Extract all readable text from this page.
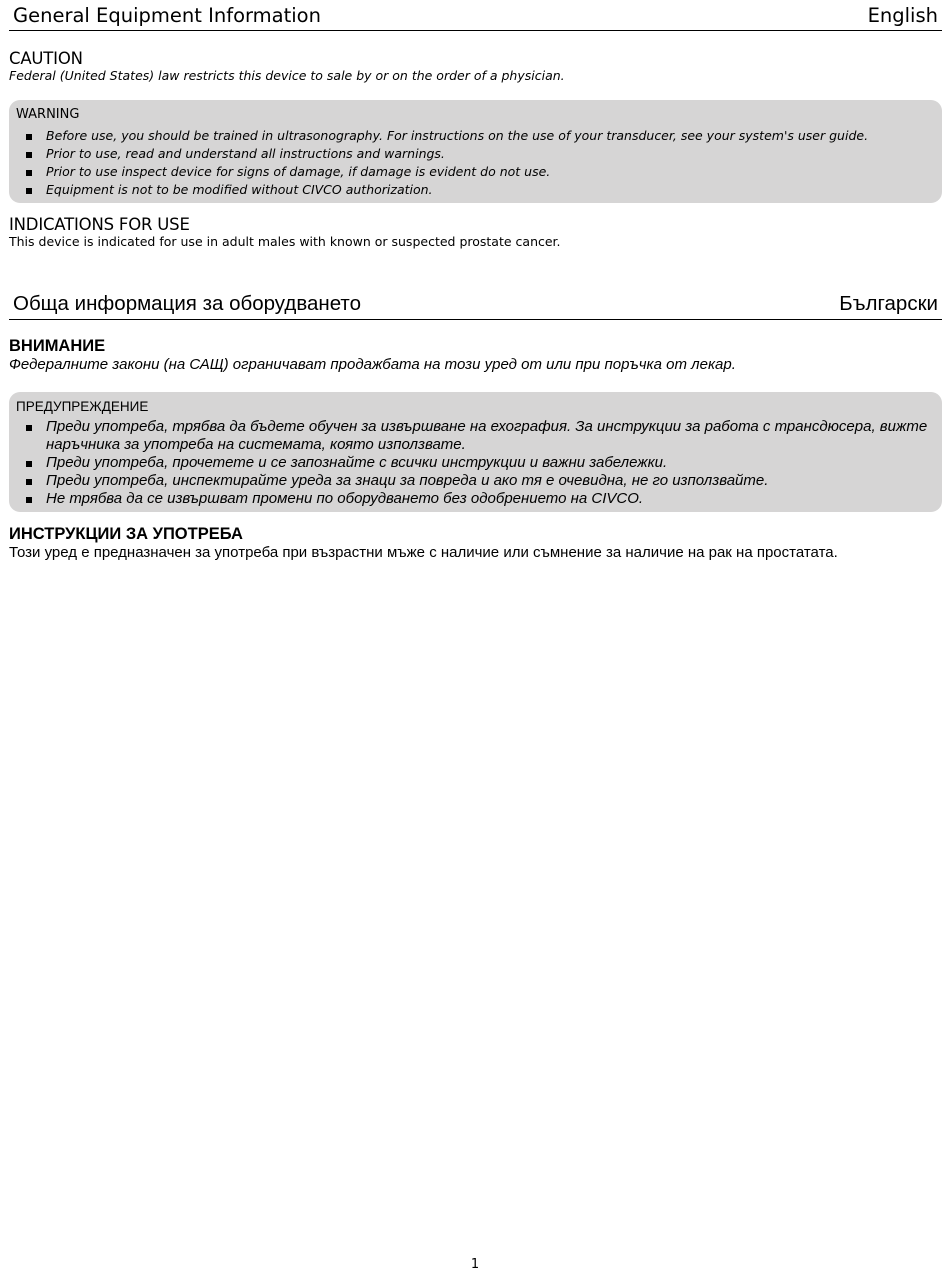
General Equipment Information	English
CAUTION
Federal (United States) law restricts this device to sale by or on the order of a physician.
WARNING
Before use, you should be trained in ultrasonography. For instructions on the use of your transducer, see your system's user guide.
Prior to use, read and understand all instructions and warnings.
Prior to use inspect device for signs of damage, if damage is evident do not use.
Equipment is not to be modified without CIVCO authorization.
INDICATIONS FOR USE
This device is indicated for use in adult males with known or suspected prostate cancer.
Обща информация за оборудването	Български
ВНИМАНИЕ
Федералните закони (на САЩ) ограничават продажбата на този уред от или при поръчка от лекар.
ПРЕДУПРЕЖДЕНИЕ
Преди употреба, трябва да бъдете обучен за извършване на ехография. За инструкции за работа с трансдюсера, вижте наръчника за употреба на системата, която използвате.
Преди употреба, прочетете и се запознайте с всички инструкции и важни забележки.
Преди употреба, инспектирайте уреда за знаци за повреда и ако тя е очевидна, не го използвайте.
Не трябва да се извършват промени по оборудването без одобрението на CIVCO.
ИНСТРУКЦИИ ЗА УПОТРЕБА
Този уред е предназначен за употреба при възрастни мъже с наличие или съмнение за наличие на рак на простатата.
1
